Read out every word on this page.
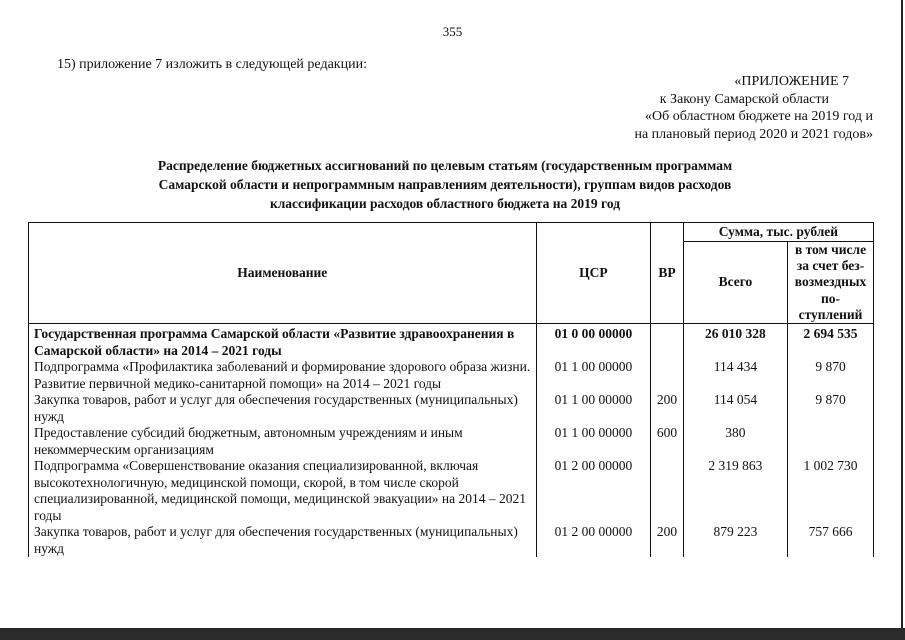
355
15) приложение 7 изложить в следующей редакции:
«ПРИЛОЖЕНИЕ 7
к Закону Самарской области
«Об областном бюджете на 2019 год и
на плановый период 2020 и 2021 годов»
Распределение бюджетных ассигнований по целевым статьям (государственным программам
Самарской области и непрограммным направлениям деятельности), группам видов расходов
классификации расходов областного бюджета на 2019 год
Наименование	ЦСР	ВР	Сумма, тыс. рублей	
			Всего	в том числе за счет без-возмездных по-ступлений
Государственная программа Самарской области «Развитие здравоохранения в Самарской области» на 2014 – 2021 годы	01 0 00 00000		26 010 328	2 694 535
Подпрограмма «Профилактика заболеваний и формирование здорового образа жизни. Развитие первичной медико-санитарной помощи» на 2014 – 2021 годы	01 1 00 00000		114 434	9 870
Закупка товаров, работ и услуг для обеспечения государственных (муниципальных) нужд	01 1 00 00000	200	114 054	9 870
Предоставление субсидий бюджетным, автономным учреждениям и иным некоммерческим организациям	01 1 00 00000	600	380	
Подпрограмма «Совершенствование оказания специализированной, включая высокотехнологичную, медицинской помощи, скорой, в том числе скорой специализированной, медицинской помощи, медицинской эвакуации» на 2014 – 2021 годы	01 2 00 00000		2 319 863	1 002 730
Закупка товаров, работ и услуг для обеспечения государственных (муниципальных) нужд	01 2 00 00000	200	879 223	757 666
